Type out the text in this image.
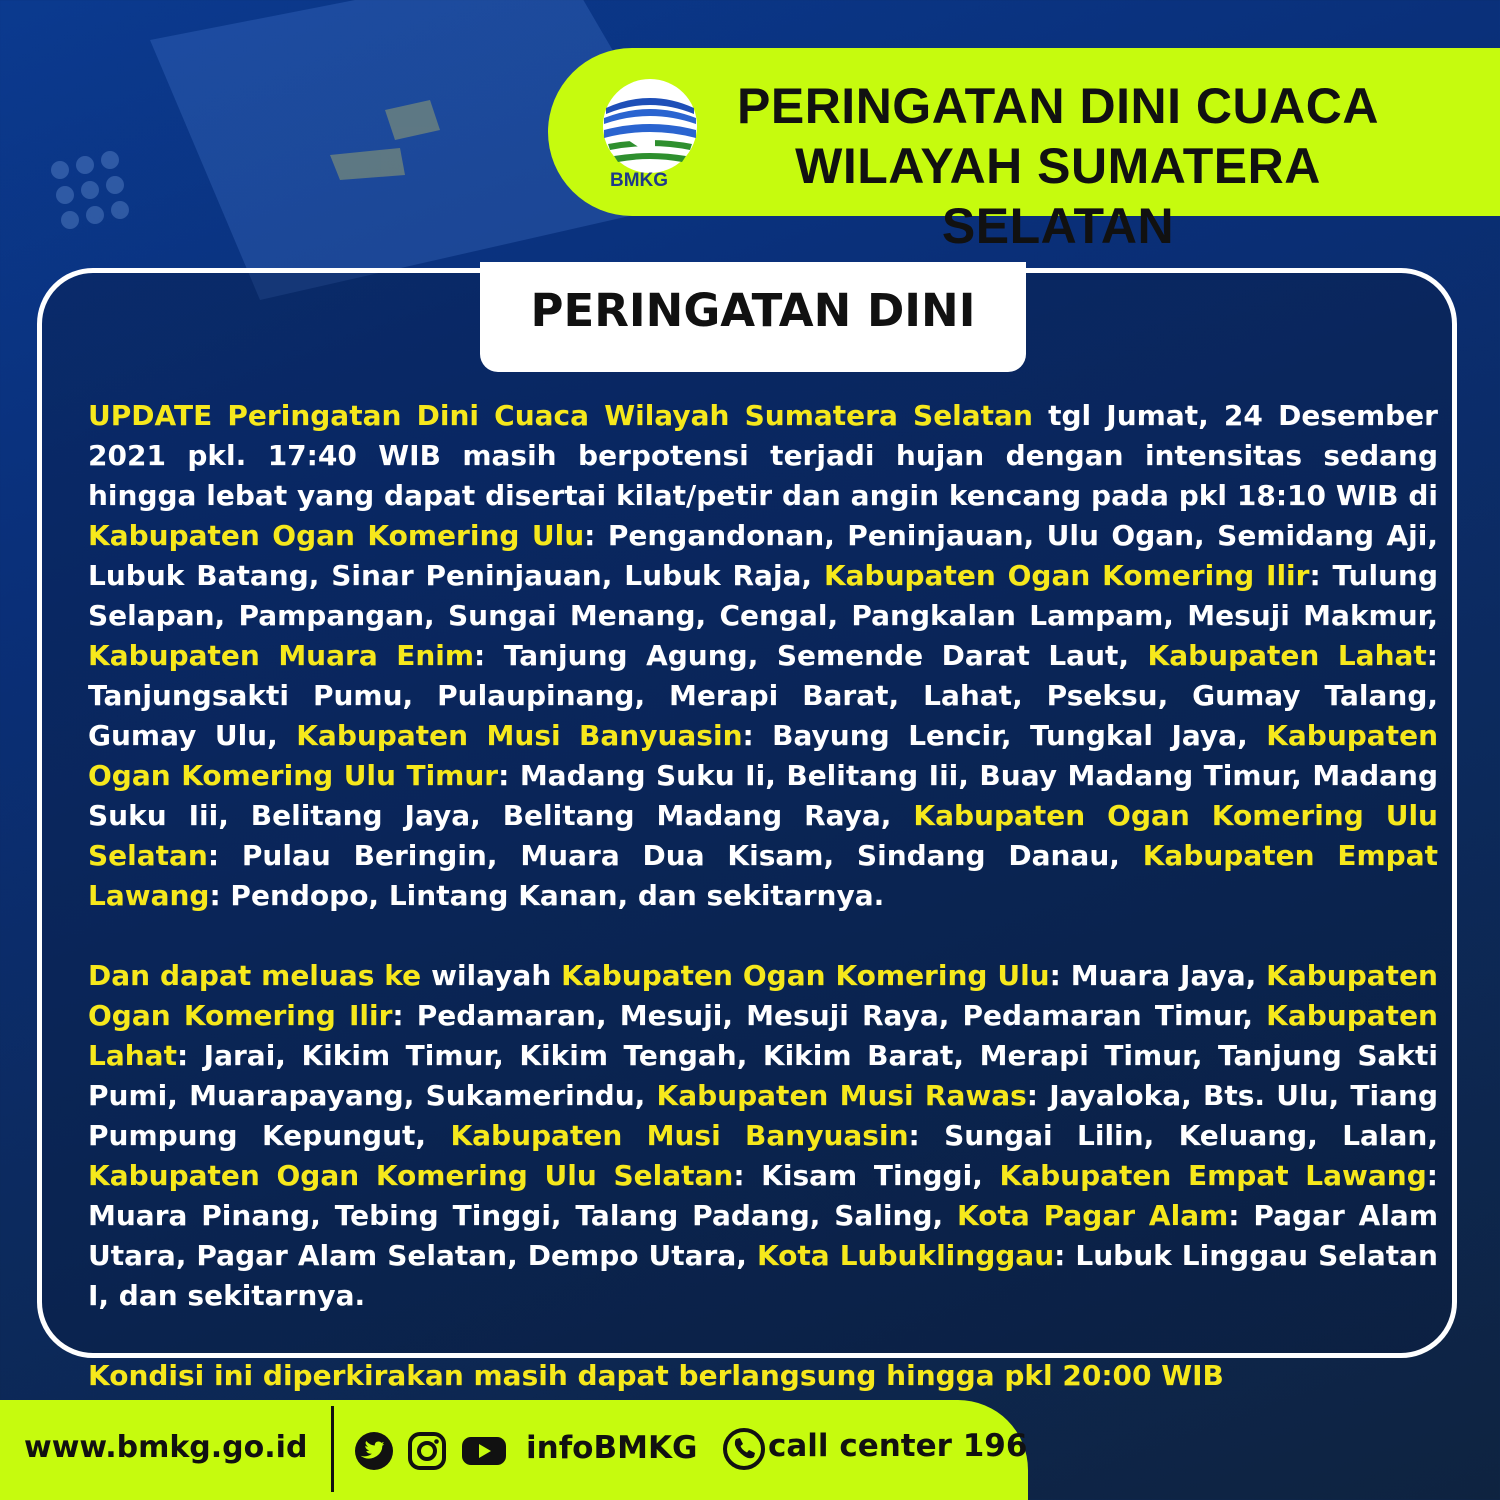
BMKG
PERINGATAN DINI CUACA
WILAYAH SUMATERA SELATAN
PERINGATAN DINI

UPDATE Peringatan Dini Cuaca Wilayah Sumatera Selatan tgl Jumat, 24 Desember 2021 pkl. 17:40 WIB masih berpotensi terjadi hujan dengan intensitas sedang hingga lebat yang dapat disertai kilat/petir dan angin kencang pada pkl 18:10 WIB di Kabupaten Ogan Komering Ulu: Pengandonan, Peninjauan, Ulu Ogan, Semidang Aji, Lubuk Batang, Sinar Peninjauan, Lubuk Raja, Kabupaten Ogan Komering Ilir: Tulung Selapan, Pampangan, Sungai Menang, Cengal, Pangkalan Lampam, Mesuji Makmur, Kabupaten Muara Enim: Tanjung Agung, Semende Darat Laut, Kabupaten Lahat: Tanjungsakti Pumu, Pulaupinang, Merapi Barat, Lahat, Pseksu, Gumay Talang, Gumay Ulu, Kabupaten Musi Banyuasin: Bayung Lencir, Tungkal Jaya, Kabupaten Ogan Komering Ulu Timur: Madang Suku Ii, Belitang Iii, Buay Madang Timur, Madang Suku Iii, Belitang Jaya, Belitang Madang Raya, Kabupaten Ogan Komering Ulu Selatan: Pulau Beringin, Muara Dua Kisam, Sindang Danau, Kabupaten Empat Lawang: Pendopo, Lintang Kanan, dan sekitarnya.

Dan dapat meluas ke wilayah Kabupaten Ogan Komering Ulu: Muara Jaya, Kabupaten Ogan Komering Ilir: Pedamaran, Mesuji, Mesuji Raya, Pedamaran Timur, Kabupaten Lahat: Jarai, Kikim Timur, Kikim Tengah, Kikim Barat, Merapi Timur, Tanjung Sakti Pumi, Muarapayang, Sukamerindu, Kabupaten Musi Rawas: Jayaloka, Bts. Ulu, Tiang Pumpung Kepungut, Kabupaten Musi Banyuasin: Sungai Lilin, Keluang, Lalan, Kabupaten Ogan Komering Ulu Selatan: Kisam Tinggi, Kabupaten Empat Lawang: Muara Pinang, Tebing Tinggi, Talang Padang, Saling, Kota Pagar Alam: Pagar Alam Utara, Pagar Alam Selatan, Dempo Utara, Kota Lubuklinggau: Lubuk Linggau Selatan I, dan sekitarnya.

Kondisi ini diperkirakan masih dapat berlangsung hingga pkl 20:00 WIB

www.bmkg.go.id	infoBMKG call center 196
